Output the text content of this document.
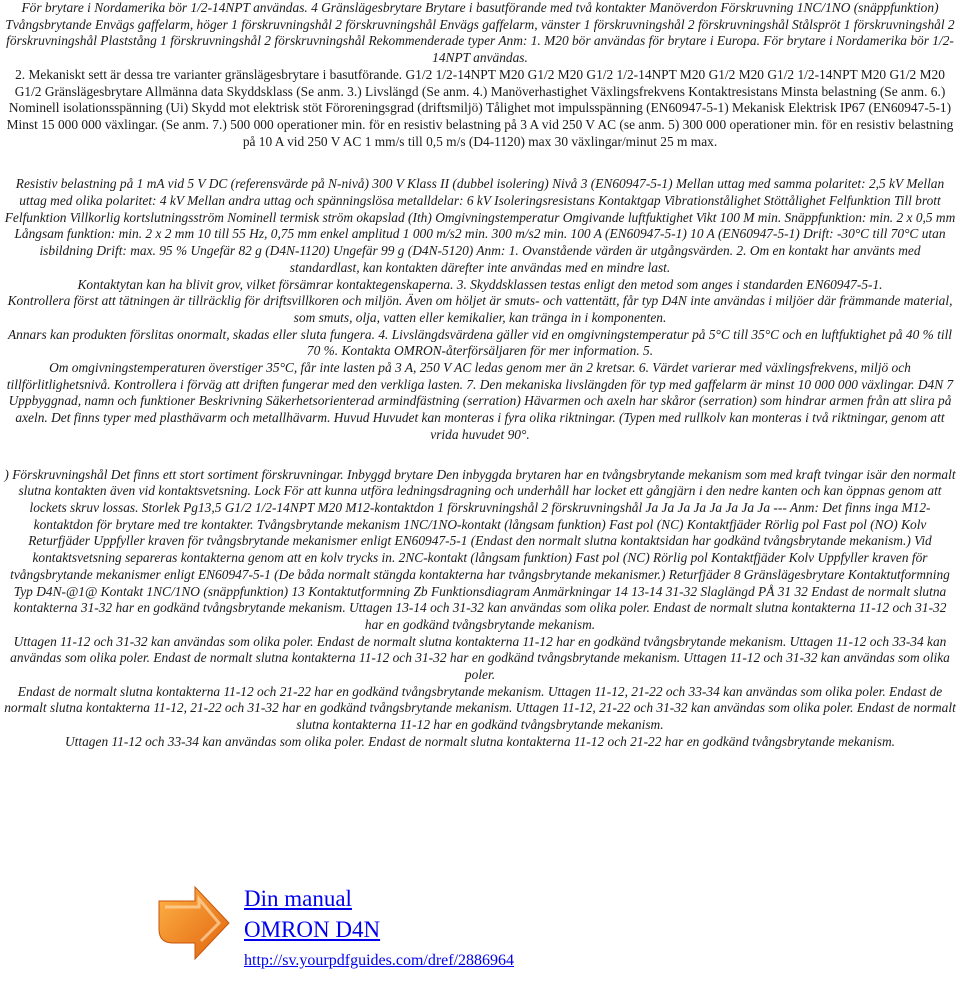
För brytare i Nordamerika bör 1/2-14NPT användas. 4 Gränslägesbrytare Brytare i basutförande med två kontakter Manöverdon Förskruvning 1NC/1NO (snäppfunktion) Tvångsbrytande Envägs gaffelarm, höger 1 förskruvningshål 2 förskruvningshål Envägs gaffelarm, vänster 1 förskruvningshål 2 förskruvningshål Stålspröt 1 förskruvningshål 2 förskruvningshål Plaststång 1 förskruvningshål 2 förskruvningshål Rekommenderade typer Anm: 1. M20 bör användas för brytare i Europa. För brytare i Nordamerika bör 1/2-14NPT användas.
2. Mekaniskt sett är dessa tre varianter gränslägesbrytare i basutförande. G1/2 1/2-14NPT M20 G1/2 M20 G1/2 1/2-14NPT M20 G1/2 M20 G1/2 1/2-14NPT M20 G1/2 M20 G1/2 Gränslägesbrytare Allmänna data Skyddsklass (Se anm. 3.) Livslängd (Se anm. 4.) Manöverhastighet Växlingsfrekvens Kontaktresistans Minsta belastning (Se anm. 6.) Nominell isolationsspänning (Ui) Skydd mot elektrisk stöt Föroreningsgrad (driftsmiljö) Tålighet mot impulsspänning (EN60947-5-1) Mekanisk Elektrisk IP67 (EN60947-5-1) Minst 15 000 000 växlingar. (Se anm. 7.) 500 000 operationer min. för en resistiv belastning på 3 A vid 250 V AC (se anm. 5) 300 000 operationer min. för en resistiv belastning på 10 A vid 250 V AC 1 mm/s till 0,5 m/s (D4-1120) max 30 växlingar/minut 25 m max.

Resistiv belastning på 1 mA vid 5 V DC (referensvärde på N-nivå) 300 V Klass II (dubbel isolering) Nivå 3 (EN60947-5-1) Mellan uttag med samma polaritet: 2,5 kV Mellan uttag med olika polaritet: 4 kV Mellan andra uttag och spänningslösa metalldelar: 6 kV Isoleringsresistans Kontaktgap Vibrationstålighet Stöttålighet Felfunktion Till brott Felfunktion Villkorlig kortslutningsström Nominell termisk ström okapslad (Ith) Omgivningstemperatur Omgivande luftfuktighet Vikt 100 M min. Snäppfunktion: min. 2 x 0,5 mm Långsam funktion: min. 2 x 2 mm 10 till 55 Hz, 0,75 mm enkel amplitud 1 000 m/s2 min. 300 m/s2 min. 100 A (EN60947-5-1) 10 A (EN60947-5-1) Drift: -30°C till 70°C utan isbildning Drift: max. 95 % Ungefär 82 g (D4N-1120) Ungefär 99 g (D4N-5120) Anm: 1. Ovanstående värden är utgångsvärden. 2. Om en kontakt har använts med standardlast, kan kontakten därefter inte användas med en mindre last.
Kontaktytan kan ha blivit grov, vilket försämrar kontaktegenskaperna. 3. Skyddsklassen testas enligt den metod som anges i standarden EN60947-5-1.
Kontrollera först att tätningen är tillräcklig för driftsvillkoren och miljön. Även om höljet är smuts- och vattentätt, får typ D4N inte användas i miljöer där främmande material, som smuts, olja, vatten eller kemikalier, kan tränga in i komponenten.
Annars kan produkten förslitas onormalt, skadas eller sluta fungera. 4. Livslängdsvärdena gäller vid en omgivningstemperatur på 5°C till 35°C och en luftfuktighet på 40 % till 70 %. Kontakta OMRON-återförsäljaren för mer information. 5.
Om omgivningstemperaturen överstiger 35°C, får inte lasten på 3 A, 250 V AC ledas genom mer än 2 kretsar. 6. Värdet varierar med växlingsfrekvens, miljö och tillförlitlighetsnivå. Kontrollera i förväg att driften fungerar med den verkliga lasten. 7. Den mekaniska livslängden för typ med gaffelarm är minst 10 000 000 växlingar. D4N 7 Uppbyggnad, namn och funktioner Beskrivning Säkerhetsorienterad armindfästning (serration) Hävarmen och axeln har skåror (serration) som hindrar armen från att slira på axeln. Det finns typer med plasthävarm och metallhävarm. Huvud Huvudet kan monteras i fyra olika riktningar. (Typen med rullkolv kan monteras i två riktningar, genom att vrida huvudet 90°.

) Förskruvningshål Det finns ett stort sortiment förskruvningar. Inbyggd brytare Den inbyggda brytaren har en tvångsbrytande mekanism som med kraft tvingar isär den normalt slutna kontakten även vid kontaktsvetsning. Lock För att kunna utföra ledningsdragning och underhåll har locket ett gångjärn i den nedre kanten och kan öppnas genom att lockets skruv lossas. Storlek Pg13,5 G1/2 1/2-14NPT M20 M12-kontaktdon 1 förskruvningshål 2 förskruvningshål Ja Ja Ja Ja Ja Ja Ja Ja --- Anm: Det finns inga M12-kontaktdon för brytare med tre kontakter. Tvångsbrytande mekanism 1NC/1NO-kontakt (långsam funktion) Fast pol (NC) Kontaktfjäder Rörlig pol Fast pol (NO) Kolv Returfjäder Uppfyller kraven för tvångsbrytande mekanismer enligt EN60947-5-1 (Endast den normalt slutna kontaktsidan har godkänd tvångsbrytande mekanism.) Vid kontaktsvetsning separeras kontakterna genom att en kolv trycks in. 2NC-kontakt (långsam funktion) Fast pol (NC) Rörlig pol Kontaktfjäder Kolv Uppfyller kraven för tvångsbrytande mekanismer enligt EN60947-5-1 (De båda normalt stängda kontakterna har tvångsbrytande mekanismer.) Returfjäder 8 Gränslägesbrytare Kontaktutformning Typ D4N-@1@ Kontakt 1NC/1NO (snäppfunktion) 13 Kontaktutformning Zb Funktionsdiagram Anmärkningar 14 13-14 31-32 Slaglängd PÅ 31 32 Endast de normalt slutna kontakterna 31-32 har en godkänd tvångsbrytande mekanism. Uttagen 13-14 och 31-32 kan användas som olika poler. Endast de normalt slutna kontakterna 11-12 och 31-32 har en godkänd tvångsbrytande mekanism.
Uttagen 11-12 och 31-32 kan användas som olika poler. Endast de normalt slutna kontakterna 11-12 har en godkänd tvångsbrytande mekanism. Uttagen 11-12 och 33-34 kan användas som olika poler. Endast de normalt slutna kontakterna 11-12 och 31-32 har en godkänd tvångsbrytande mekanism. Uttagen 11-12 och 31-32 kan användas som olika poler.
Endast de normalt slutna kontakterna 11-12 och 21-22 har en godkänd tvångsbrytande mekanism. Uttagen 11-12, 21-22 och 33-34 kan användas som olika poler. Endast de normalt slutna kontakterna 11-12, 21-22 och 31-32 har en godkänd tvångsbrytande mekanism. Uttagen 11-12, 21-22 och 31-32 kan användas som olika poler. Endast de normalt slutna kontakterna 11-12 har en godkänd tvångsbrytande mekanism.
Uttagen 11-12 och 33-34 kan användas som olika poler. Endast de normalt slutna kontakterna 11-12 och 21-22 har en godkänd tvångsbrytande mekanism.

Din manual
OMRON D4N
http://sv.yourpdfguides.com/dref/2886964
